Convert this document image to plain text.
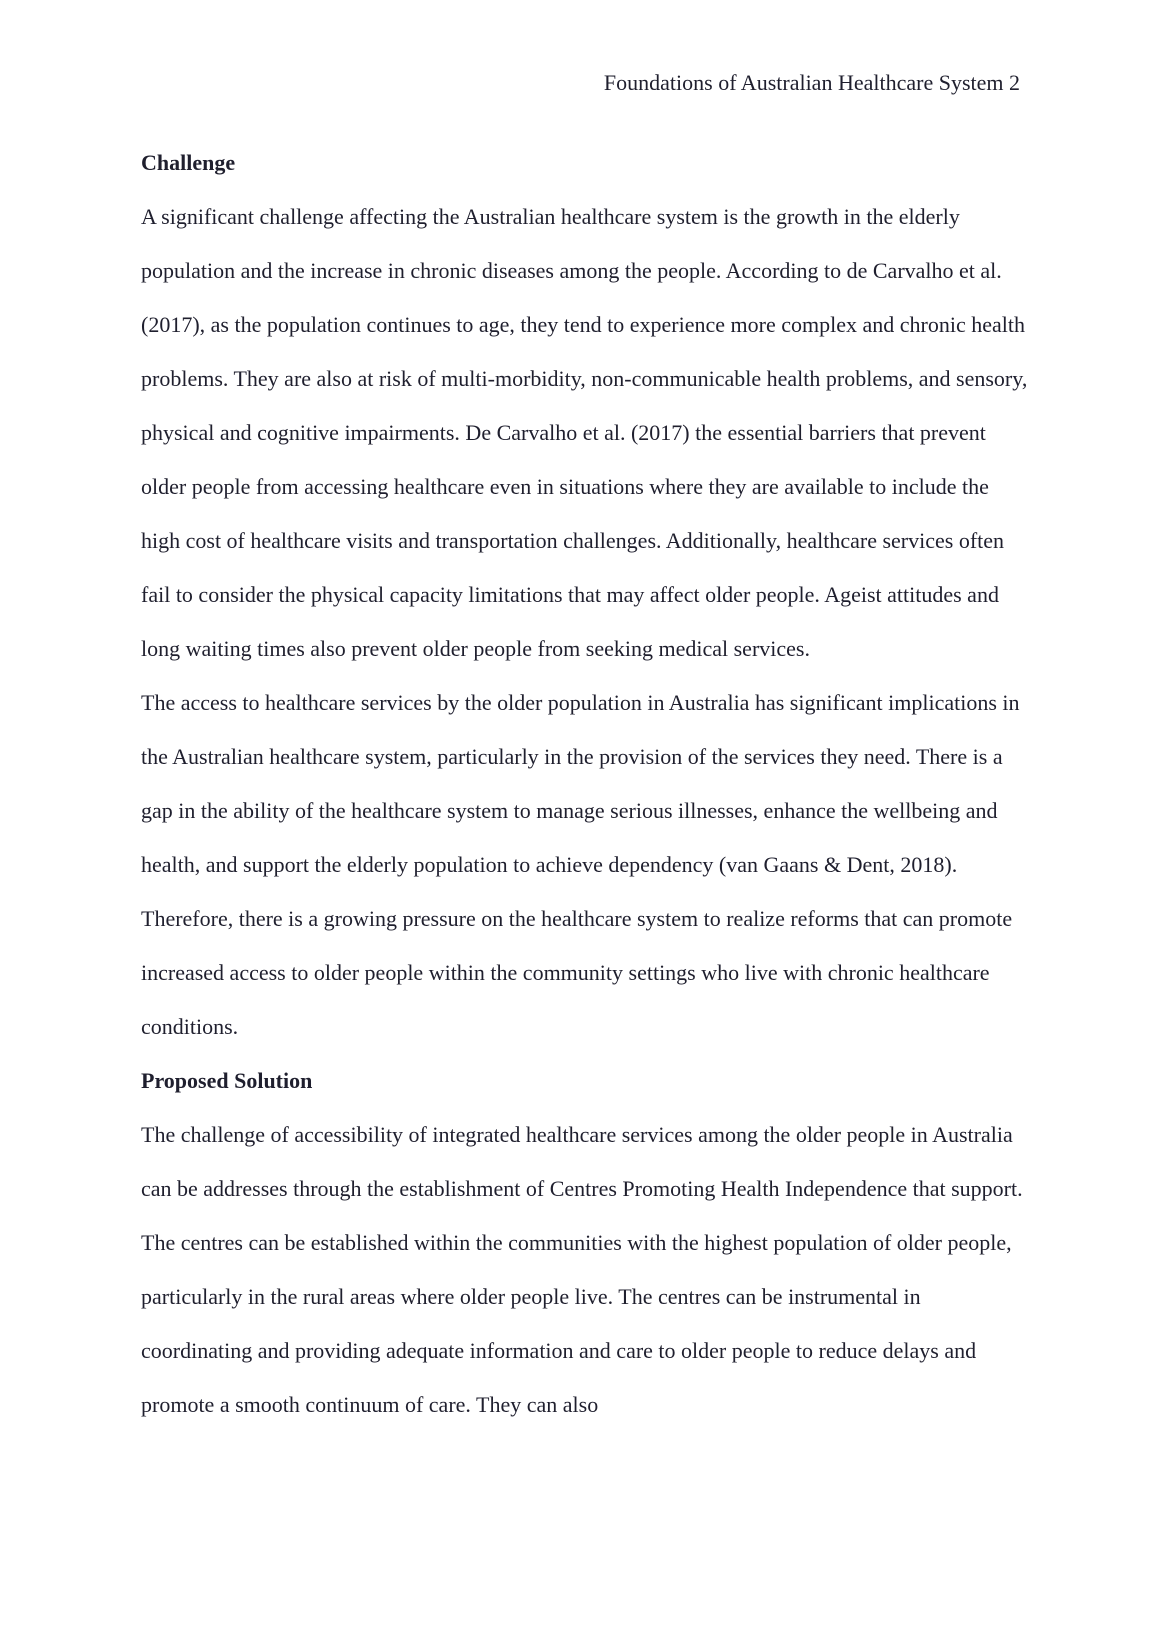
Foundations of Australian Healthcare System 2

Challenge

A significant challenge affecting the Australian healthcare system is the growth in the elderly population and the increase in chronic diseases among the people. According to de Carvalho et al. (2017), as the population continues to age, they tend to experience more complex and chronic health problems. They are also at risk of multi-morbidity, non-communicable health problems, and sensory, physical and cognitive impairments. De Carvalho et al. (2017) the essential barriers that prevent older people from accessing healthcare even in situations where they are available to include the high cost of healthcare visits and transportation challenges. Additionally, healthcare services often fail to consider the physical capacity limitations that may affect older people. Ageist attitudes and long waiting times also prevent older people from seeking medical services.

The access to healthcare services by the older population in Australia has significant implications in the Australian healthcare system, particularly in the provision of the services they need. There is a gap in the ability of the healthcare system to manage serious illnesses, enhance the wellbeing and health, and support the elderly population to achieve dependency (van Gaans & Dent, 2018). Therefore, there is a growing pressure on the healthcare system to realize reforms that can promote increased access to older people within the community settings who live with chronic healthcare conditions.

Proposed Solution

The challenge of accessibility of integrated healthcare services among the older people in Australia can be addresses through the establishment of Centres Promoting Health Independence that support. The centres can be established within the communities with the highest population of older people, particularly in the rural areas where older people live. The centres can be instrumental in coordinating and providing adequate information and care to older people to reduce delays and promote a smooth continuum of care. They can also
